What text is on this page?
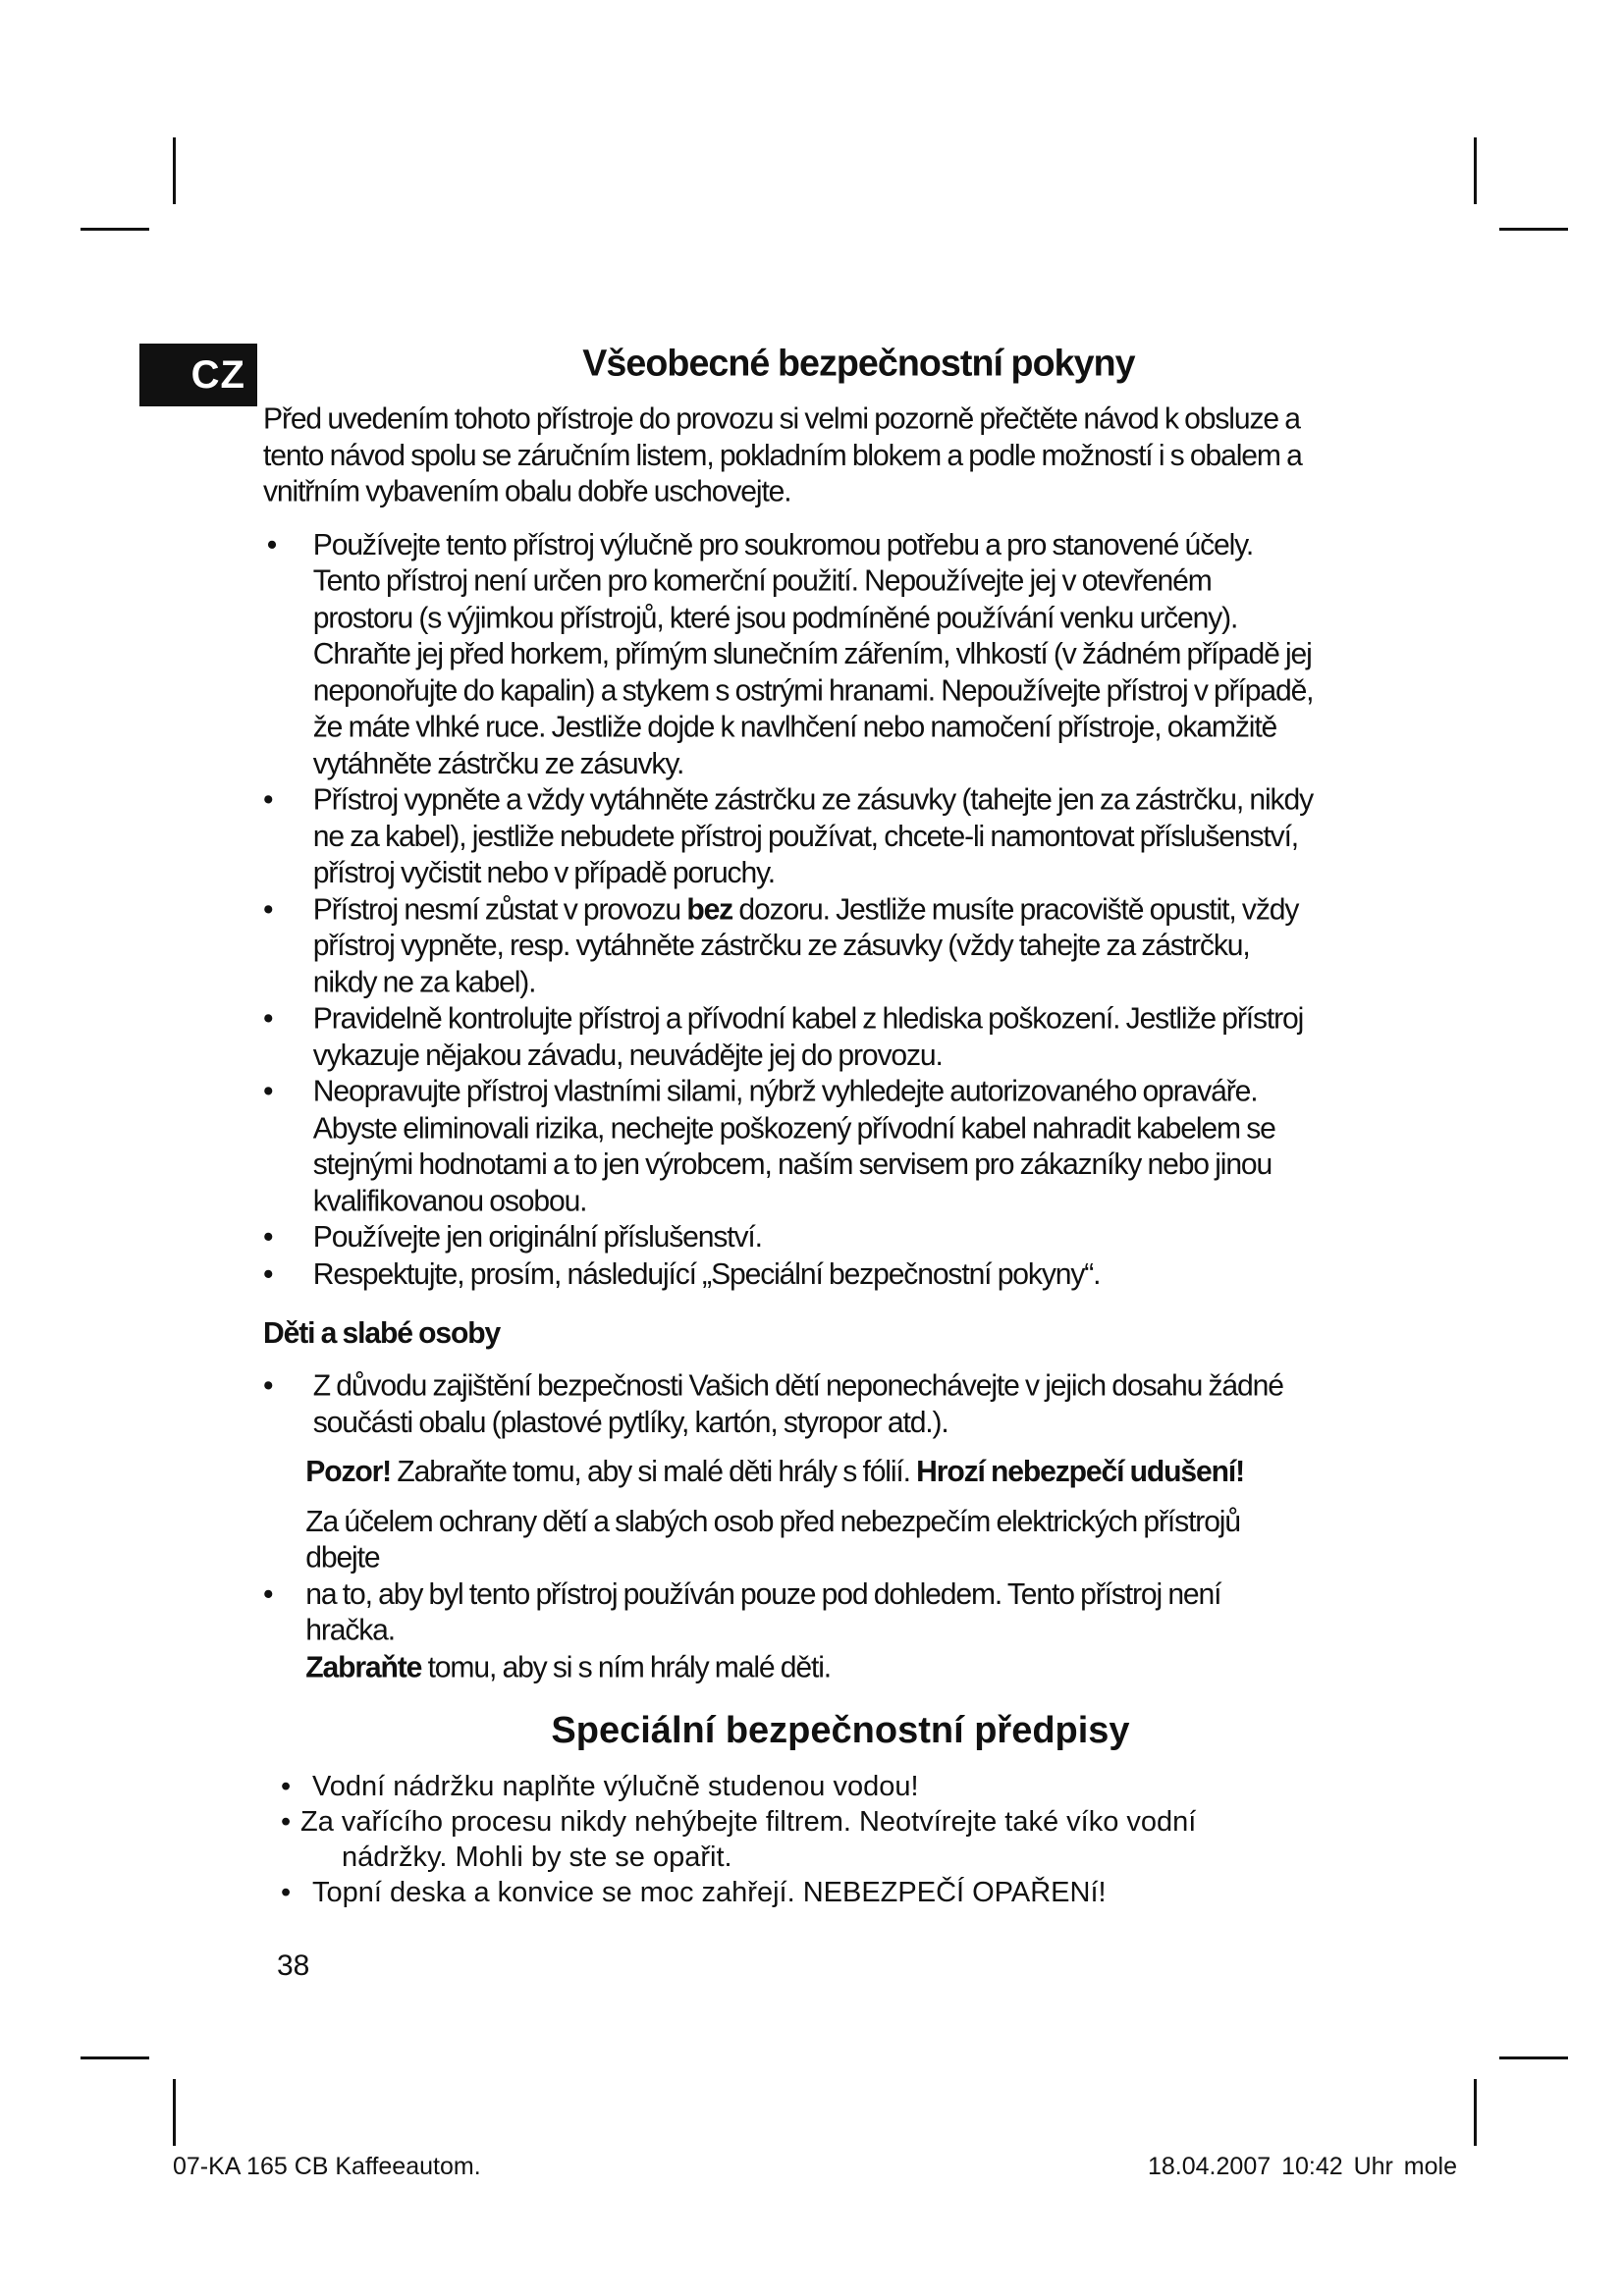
CZ	Všeobecné bezpečnostní pokyny

Před uvedením tohoto přístroje do provozu si velmi pozorně přečtěte návod k obsluze a tento návod spolu se záručním listem, pokladním blokem a podle možností i s obalem a vnitřním vybavením obalu dobře uschovejte.

•	Používejte tento přístroj výlučně pro soukromou potřebu a pro stanovené účely. Tento přístroj není určen pro komerční použití. Nepoužívejte jej v otevřeném prostoru (s výjimkou přístrojů, které jsou podmíněné používání venku určeny). Chraňte jej před horkem, přímým slunečním zářením, vlhkostí (v žádném případě jej neponořujte do kapalin) a stykem s ostrými hranami. Nepoužívejte přístroj v případě, že máte vlhké ruce. Jestliže dojde k navlhčení nebo namočení přístroje, okamžitě vytáhněte zástrčku ze zásuvky.
•	Přístroj vypněte a vždy vytáhněte zástrčku ze zásuvky (tahejte jen za zástrčku, nikdy ne za kabel), jestliže nebudete přístroj používat, chcete-li namontovat příslušenství, přístroj vyčistit nebo v případě poruchy.
•	Přístroj nesmí zůstat v provozu bez dozoru. Jestliže musíte pracoviště opustit, vždy přístroj vypněte, resp. vytáhněte zástrčku ze zásuvky (vždy tahejte za zástrčku, nikdy ne za kabel).
•	Pravidelně kontrolujte přístroj a přívodní kabel z hlediska poškození. Jestliže přístroj vykazuje nějakou závadu, neuvádějte jej do provozu.
•	Neopravujte přístroj vlastními silami, nýbrž vyhledejte autorizovaného opraváře. Abyste eliminovali rizika, nechejte poškozený přívodní kabel nahradit kabelem se stejnými hodnotami a to jen výrobcem, naším servisem pro zákazníky nebo jinou kvalifikovanou osobou.
•	Používejte jen originální příslušenství.
•	Respektujte, prosím, následující „Speciální bezpečnostní pokyny“.
Děti a slabé osoby
• Z důvodu zajištění bezpečnosti Vašich dětí neponechávejte v jejich dosahu žádné součásti obalu (plastové pytlíky, kartón, styropor atd.).

Pozor! Zabraňte tomu, aby si malé děti hrály s fólií. Hrozí nebezpečí udušení!

Za účelem ochrany dětí a slabých osob před nebezpečím elektrických přístrojů dbejte
• na to, aby byl tento přístroj používán pouze pod dohledem. Tento přístroj není hračka.
Zabraňte tomu, aby si s ním hrály malé děti.
Speciální bezpečnostní předpisy
• Vodní nádržku naplňte výlučně studenou vodou!
• Za vařícího procesu nikdy nehýbejte filtrem. Neotvírejte také víko vodní
nádržky. Mohli by ste se opařit.
• Topní deska a konvice se moc zahřejí. NEBEZPEČÍ OPAŘENí!
38
07-KA 165 CB Kaffeeautom.	18.04.2007 10:42 Uhr mole
